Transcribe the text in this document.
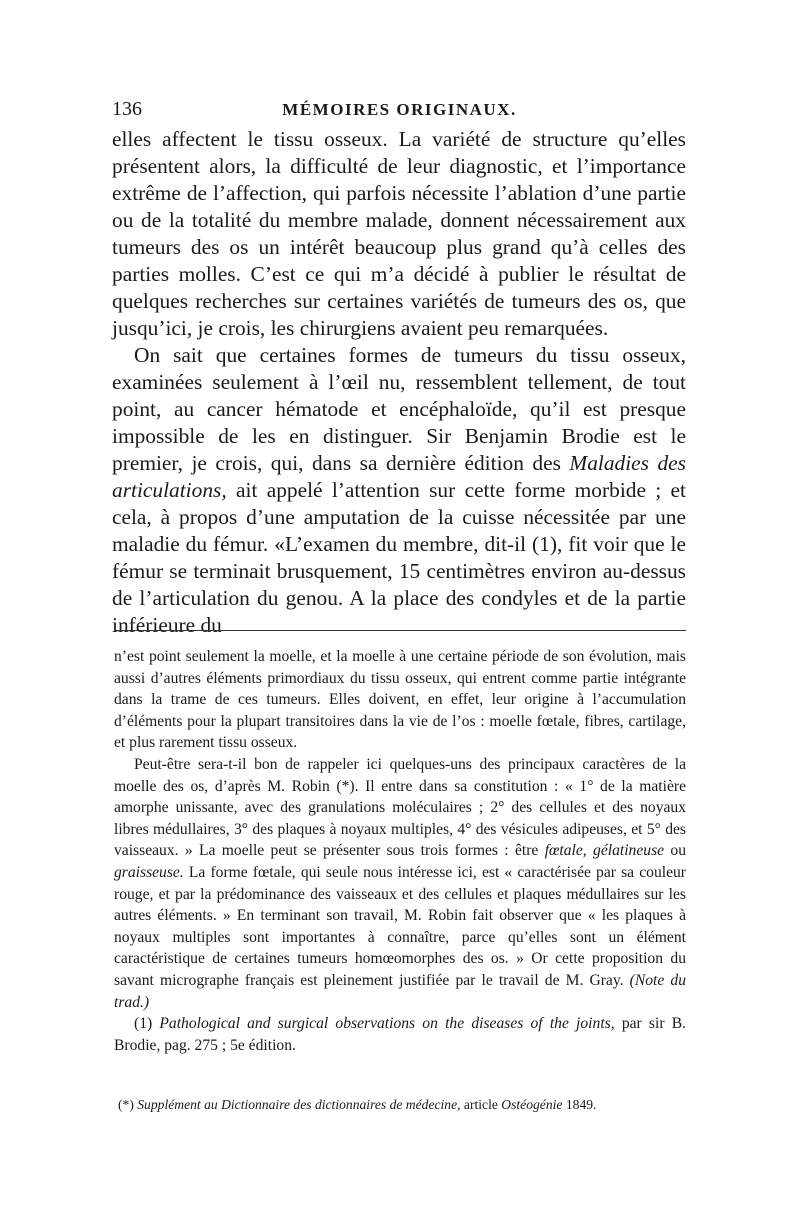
136	MÉMOIRES ORIGINAUX.

elles affectent le tissu osseux. La variété de structure qu’elles présentent alors, la difficulté de leur diagnostic, et l’importance extrême de l’affection, qui parfois nécessite l’ablation d’une partie ou de la totalité du membre malade, donnent nécessairement aux tumeurs des os un intérêt beaucoup plus grand qu’à celles des parties molles. C’est ce qui m’a décidé à publier le résultat de quelques recherches sur certaines variétés de tumeurs des os, que jusqu’ici, je crois, les chirurgiens avaient peu remarquées.

On sait que certaines formes de tumeurs du tissu osseux, examinées seulement à l’œil nu, ressemblent tellement, de tout point, au cancer hématode et encéphaloïde, qu’il est presque impossible de les en distinguer. Sir Benjamin Brodie est le premier, je crois, qui, dans sa dernière édition des Maladies des articulations, ait appelé l’attention sur cette forme morbide ; et cela, à propos d’une amputation de la cuisse nécessitée par une maladie du fémur. «L’examen du membre, dit-il (1), fit voir que le fémur se terminait brusquement, 15 centimètres environ au-dessus de l’articulation du genou. A la place des condyles et de la partie inférieure du

n’est point seulement la moelle, et la moelle à une certaine période de son évolution, mais aussi d’autres éléments primordiaux du tissu osseux, qui entrent comme partie intégrante dans la trame de ces tumeurs. Elles doivent, en effet, leur origine à l’accumulation d’éléments pour la plupart transitoires dans la vie de l’os : moelle fœtale, fibres, cartilage, et plus rarement tissu osseux.

Peut-être sera-t-il bon de rappeler ici quelques-uns des principaux caractères de la moelle des os, d’après M. Robin (*). Il entre dans sa constitution : « 1° de la matière amorphe unissante, avec des granulations moléculaires ; 2° des cellules et des noyaux libres médullaires, 3° des plaques à noyaux multiples, 4° des vésicules adipeuses, et 5° des vaisseaux. » La moelle peut se présenter sous trois formes : être fœtale, gélatineuse ou graisseuse. La forme fœtale, qui seule nous intéresse ici, est « caractérisée par sa couleur rouge, et par la prédominance des vaisseaux et des cellules et plaques médullaires sur les autres éléments. » En terminant son travail, M. Robin fait observer que « les plaques à noyaux multiples sont importantes à connaître, parce qu’elles sont un élément caractéristique de certaines tumeurs homœomorphes des os. » Or cette proposition du savant micrographe français est pleinement justifiée par le travail de M. Gray. (Note du trad.)

(1) Pathological and surgical observations on the diseases of the joints, par sir B. Brodie, pag. 275 ; 5e édition.

(*) Supplément au Dictionnaire des dictionnaires de médecine, article Ostéogénie 1849.
